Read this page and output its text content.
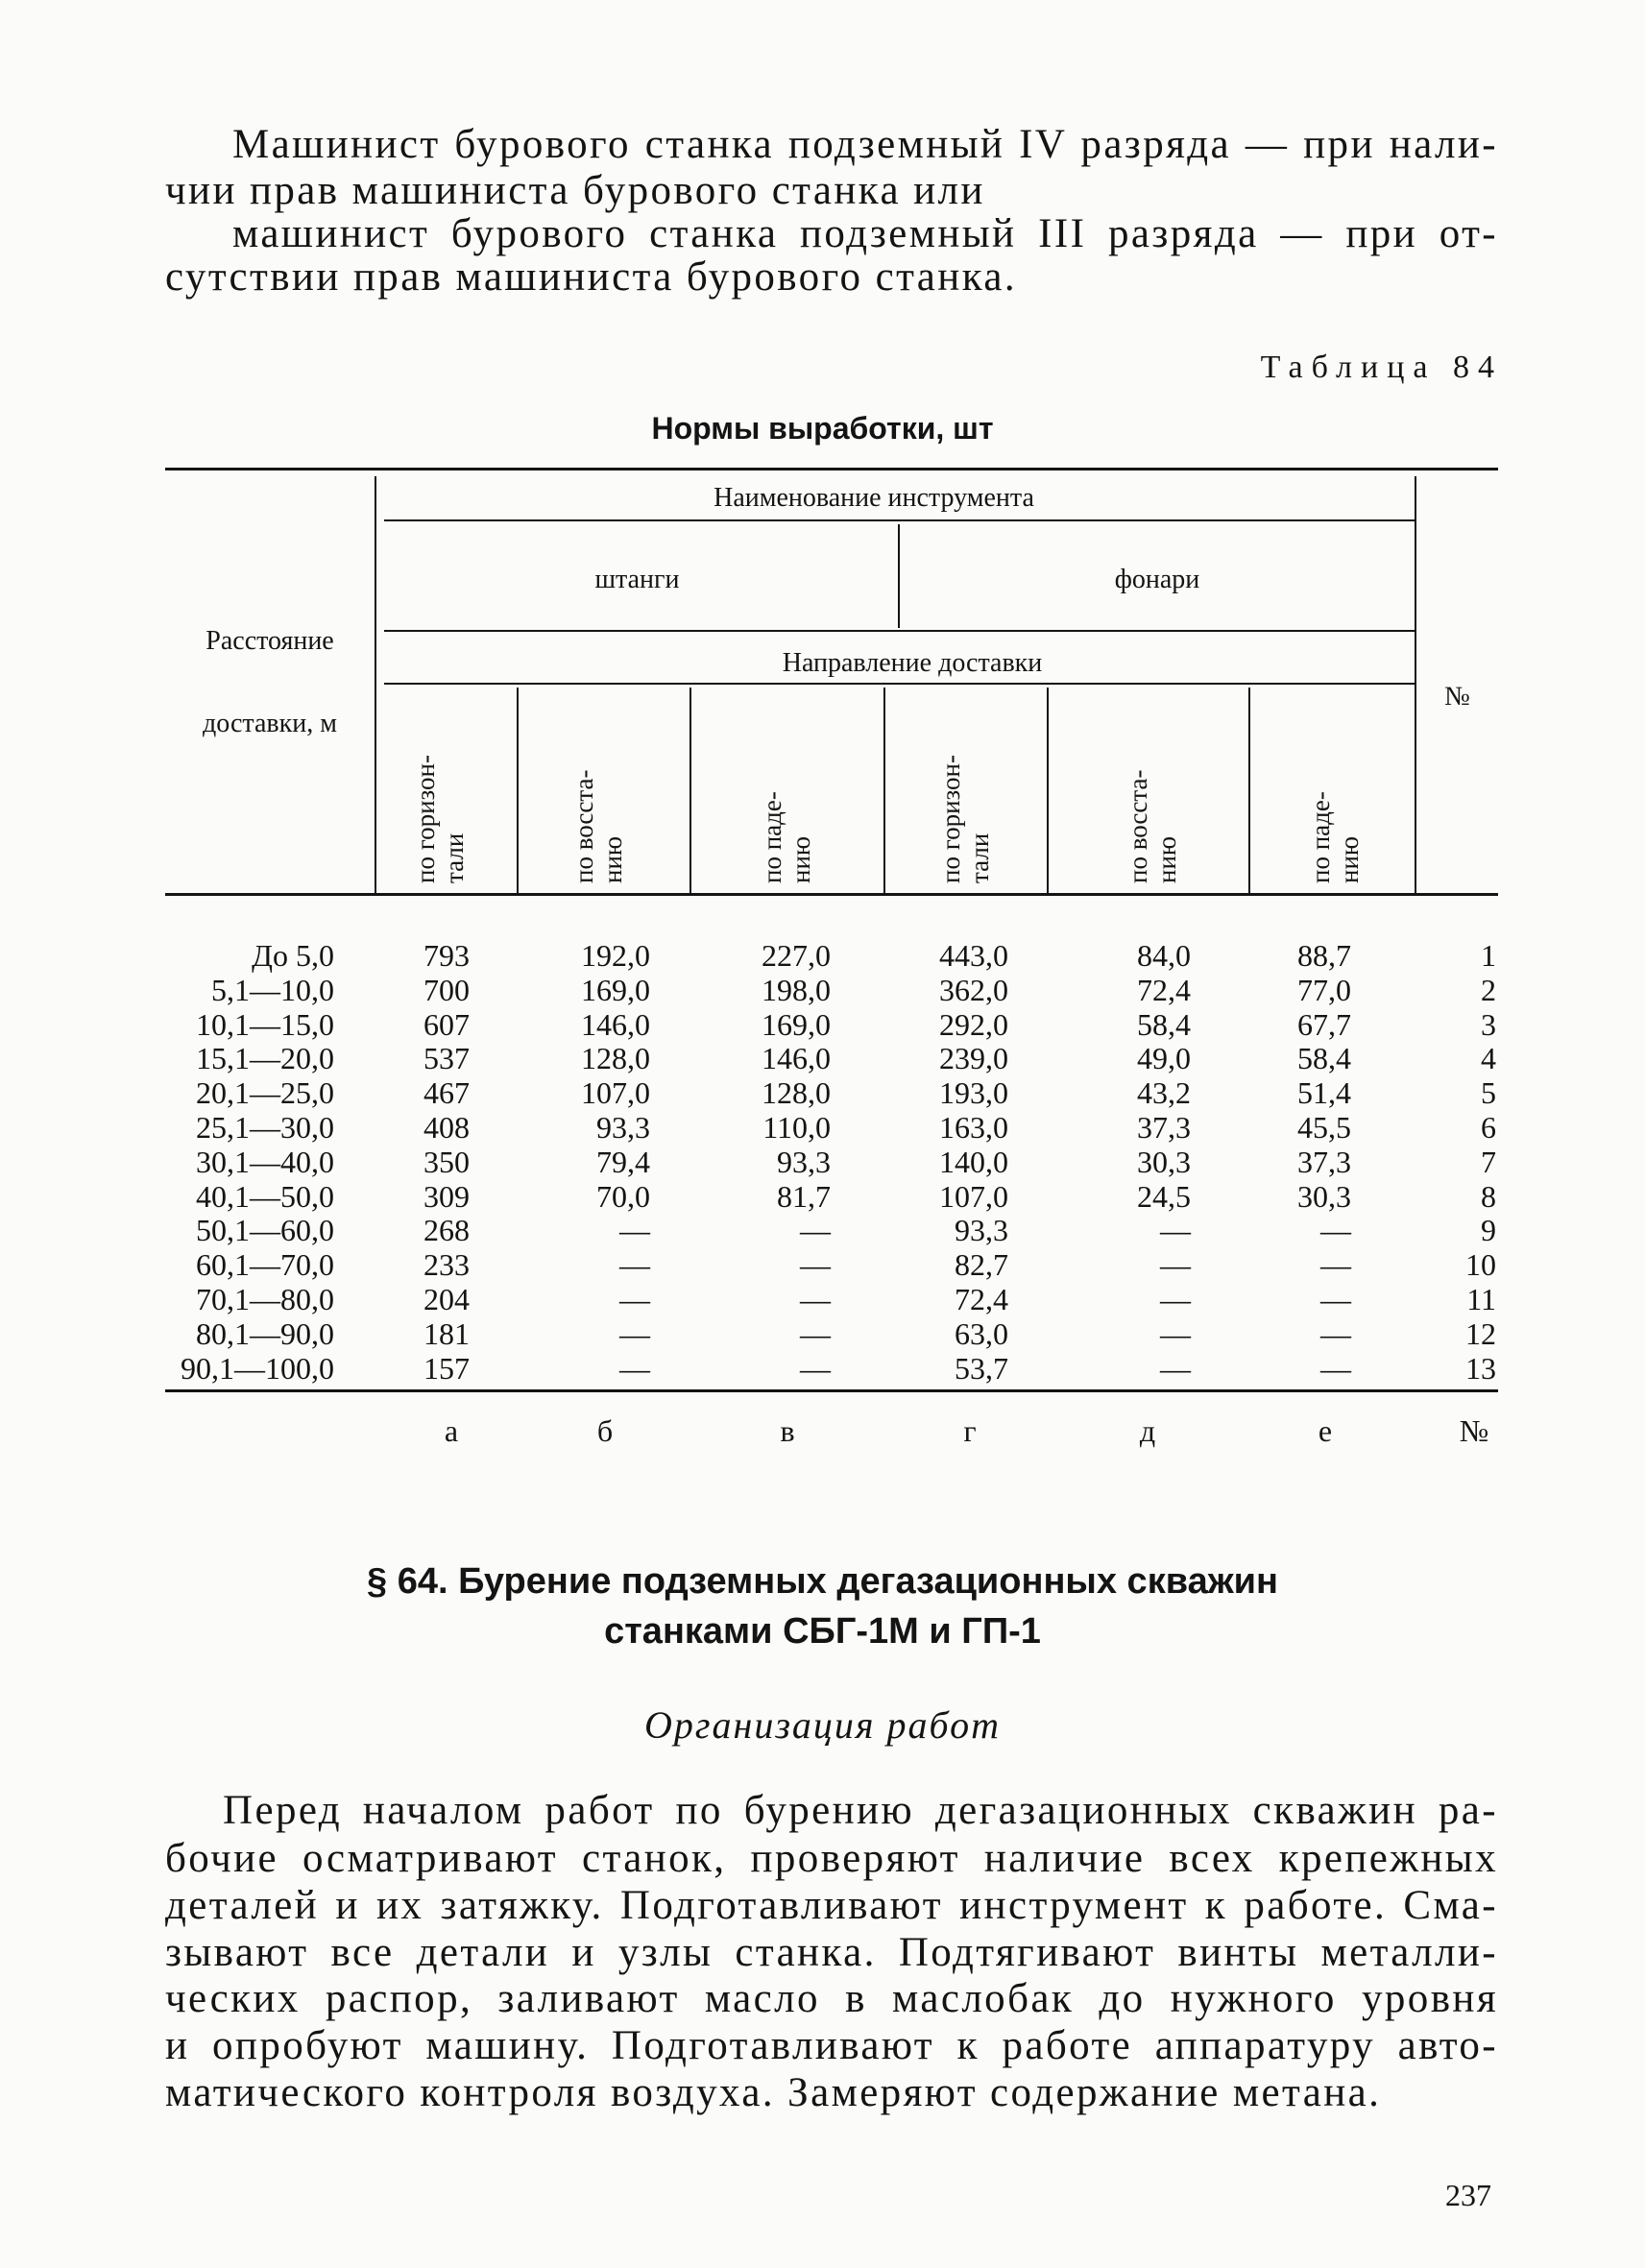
Машинист бурового станка подземный IV разряда — при нали-

чии прав машиниста бурового станка или

машинист бурового станка подземный III разряда — при от-

сутствии прав машиниста бурового станка.

Таблица 84
Нормы выработки, шт
Расстояние
доставки, м
Наименование инструмента
штанги	фонари
Направление доставки
№
по горизон- тали	по восста- нию	по паде- нию	по горизон- тали	по восста- нию	по паде- нию
До 5,0	793	192,0	227,0	443,0	84,0	88,7	1
5,1—10,0	700	169,0	198,0	362,0	72,4	77,0	2
10,1—15,0	607	146,0	169,0	292,0	58,4	67,7	3
15,1—20,0	537	128,0	146,0	239,0	49,0	58,4	4
20,1—25,0	467	107,0	128,0	193,0	43,2	51,4	5
25,1—30,0	408	93,3	110,0	163,0	37,3	45,5	6
30,1—40,0	350	79,4	93,3	140,0	30,3	37,3	7
40,1—50,0	309	70,0	81,7	107,0	24,5	30,3	8
50,1—60,0	268	—	—	93,3	—	—	9
60,1—70,0	233	—	—	82,7	—	—	10
70,1—80,0	204	—	—	72,4	—	—	11
80,1—90,0	181	—	—	63,0	—	—	12
90,1—100,0	157	—	—	53,7	—	—	13
а	б	в	г	д	е	№
§ 64. Бурение подземных дегазационных скважин
станками СБГ-1М и ГП-1
Организация работ

Перед началом работ по бурению дегазационных скважин ра-

бочие осматривают станок, проверяют наличие всех крепежных

деталей и их затяжку. Подготавливают инструмент к работе. Сма-

зывают все детали и узлы станка. Подтягивают винты металли-

ческих распор, заливают масло в маслобак до нужного уровня

и опробуют машину. Подготавливают к работе аппаратуру авто-

матического контроля воздуха. Замеряют содержание метана.

237
